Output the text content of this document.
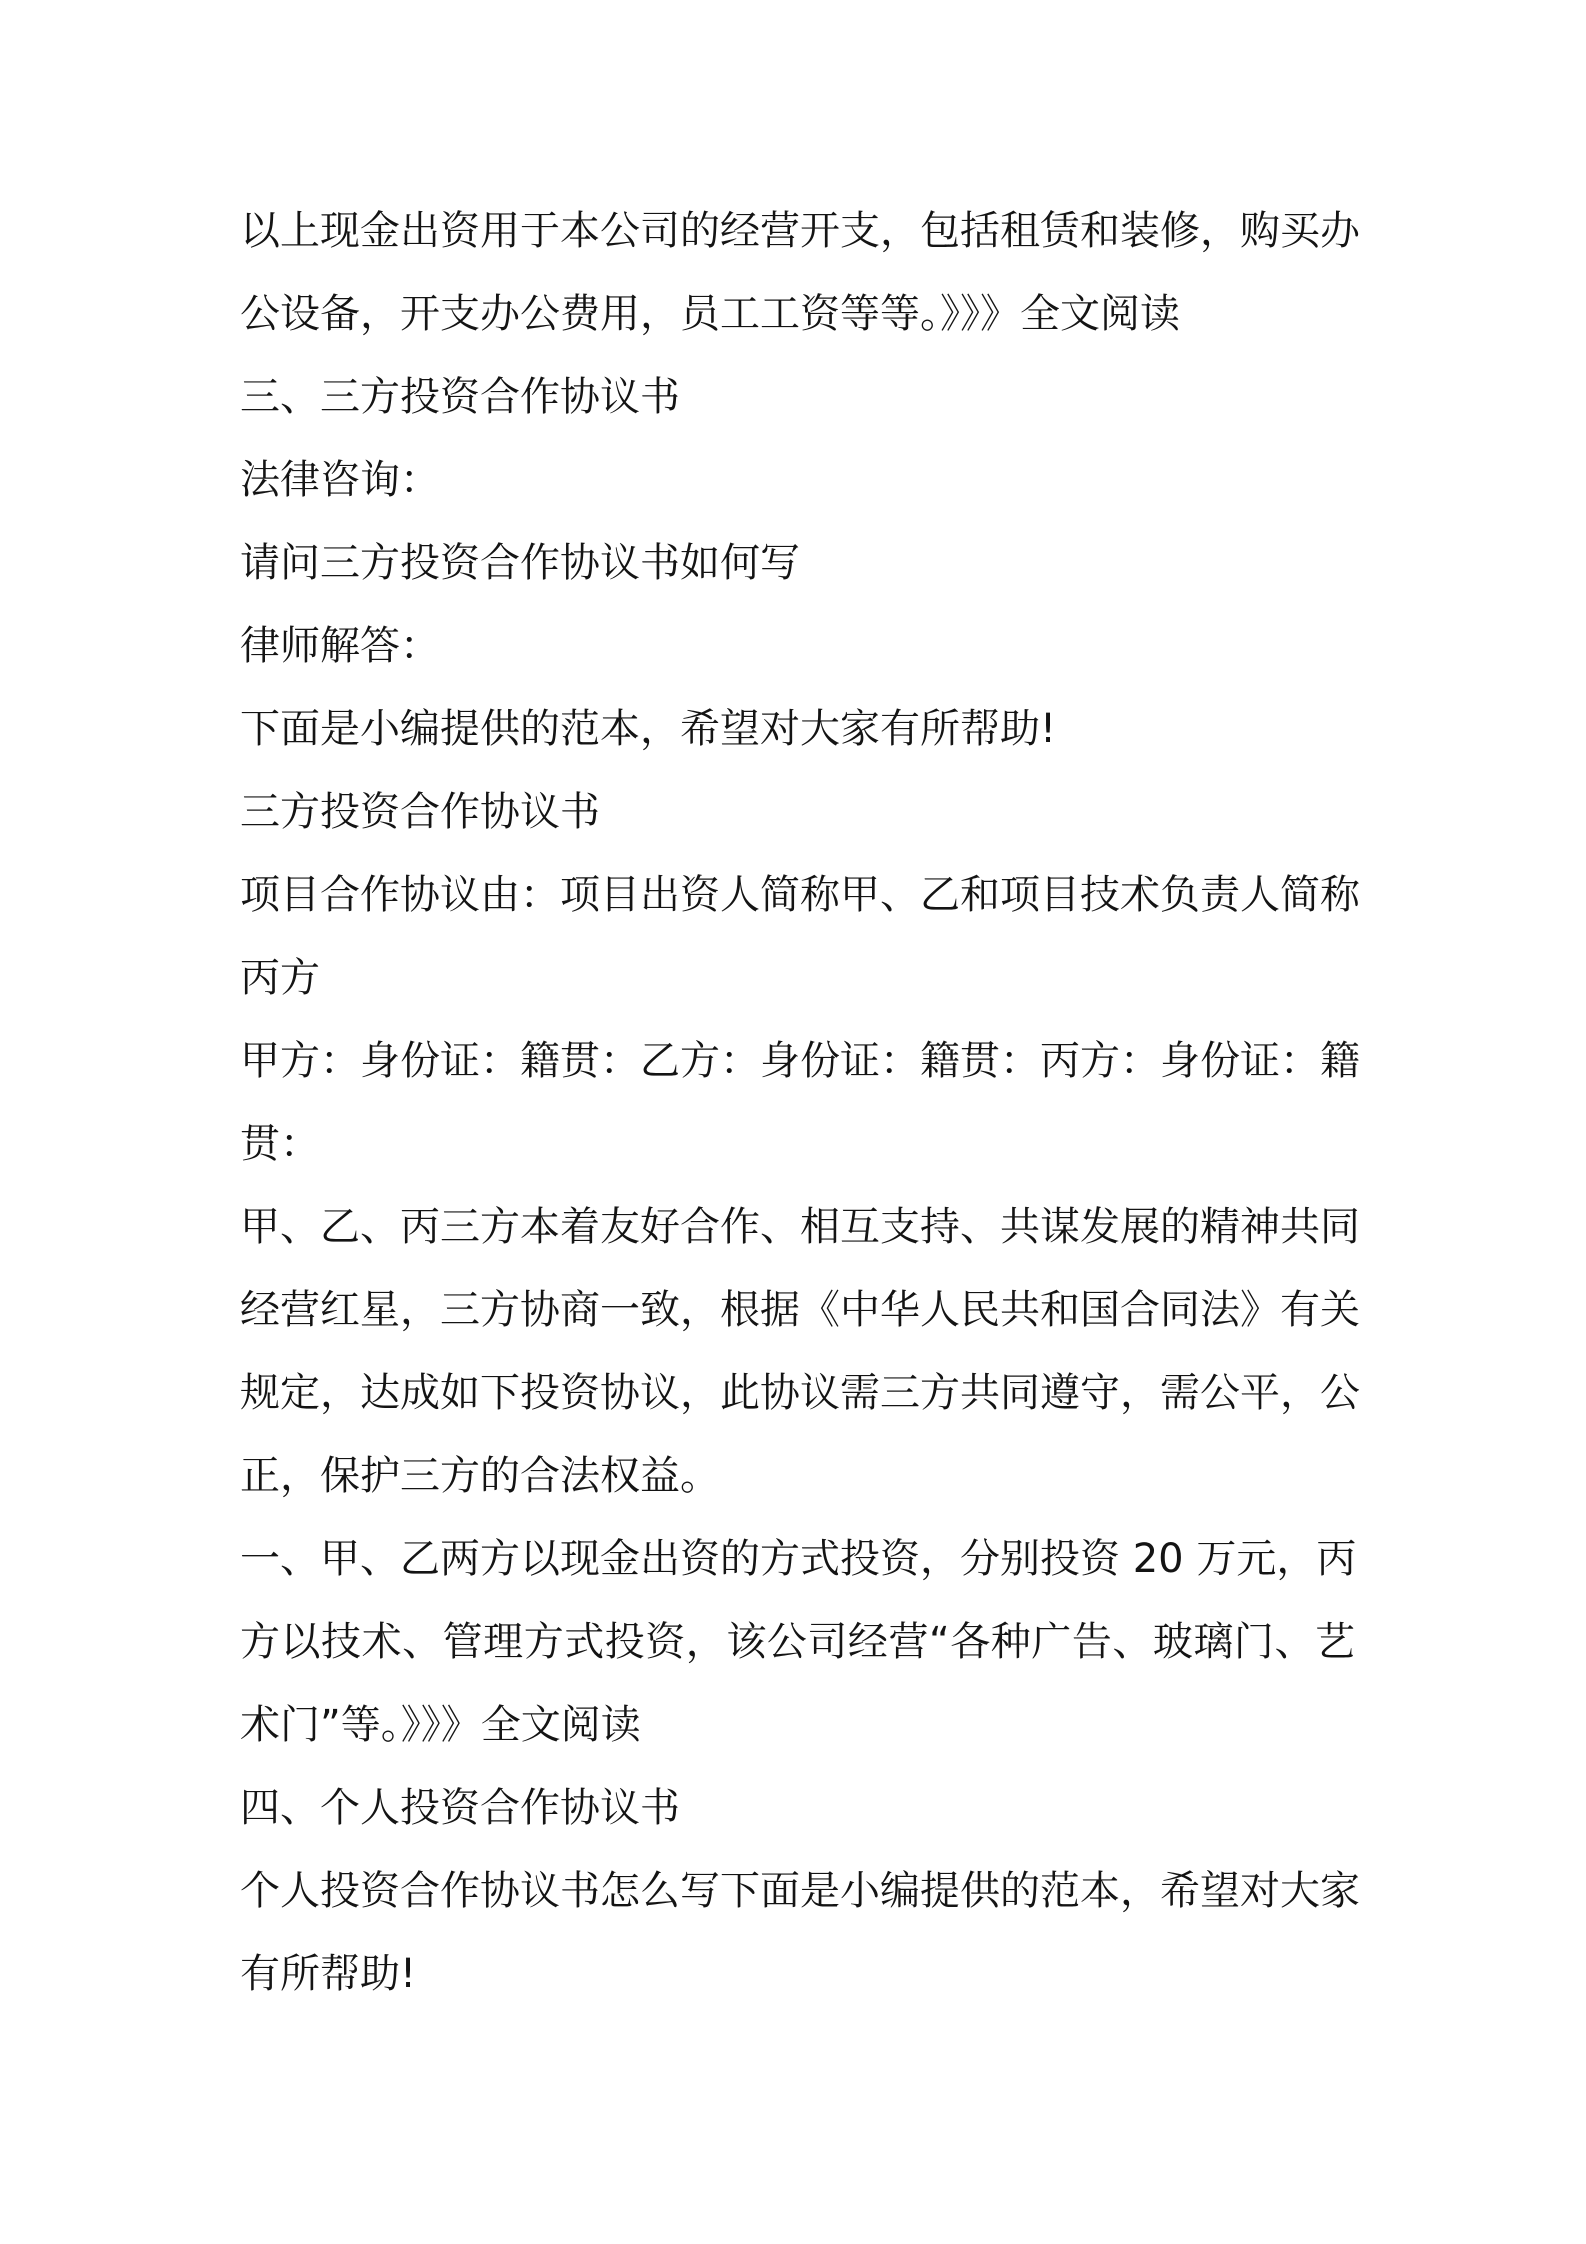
以上现金出资用于本公司的经营开支，包括租赁和装修，购买办
公设备，开支办公费用，员工工资等等。》》》全文阅读
三、三方投资合作协议书
法律咨询：
请问三方投资合作协议书如何写
律师解答：
下面是小编提供的范本，希望对大家有所帮助!
三方投资合作协议书
项目合作协议由：项目出资人简称甲、乙和项目技术负责人简称
丙方
甲方：身份证：籍贯：乙方：身份证：籍贯：丙方：身份证：籍
贯：
甲、乙、丙三方本着友好合作、相互支持、共谋发展的精神共同
经营红星，三方协商一致，根据《中华人民共和国合同法》有关
规定，达成如下投资协议，此协议需三方共同遵守，需公平，公
正，保护三方的合法权益。
一、甲、乙两方以现金出资的方式投资，分别投资 20 万元，丙
方以技术、管理方式投资，该公司经营“各种广告、玻璃门、艺
术门”等。》》》全文阅读
四、个人投资合作协议书
个人投资合作协议书怎么写下面是小编提供的范本，希望对大家
有所帮助!
